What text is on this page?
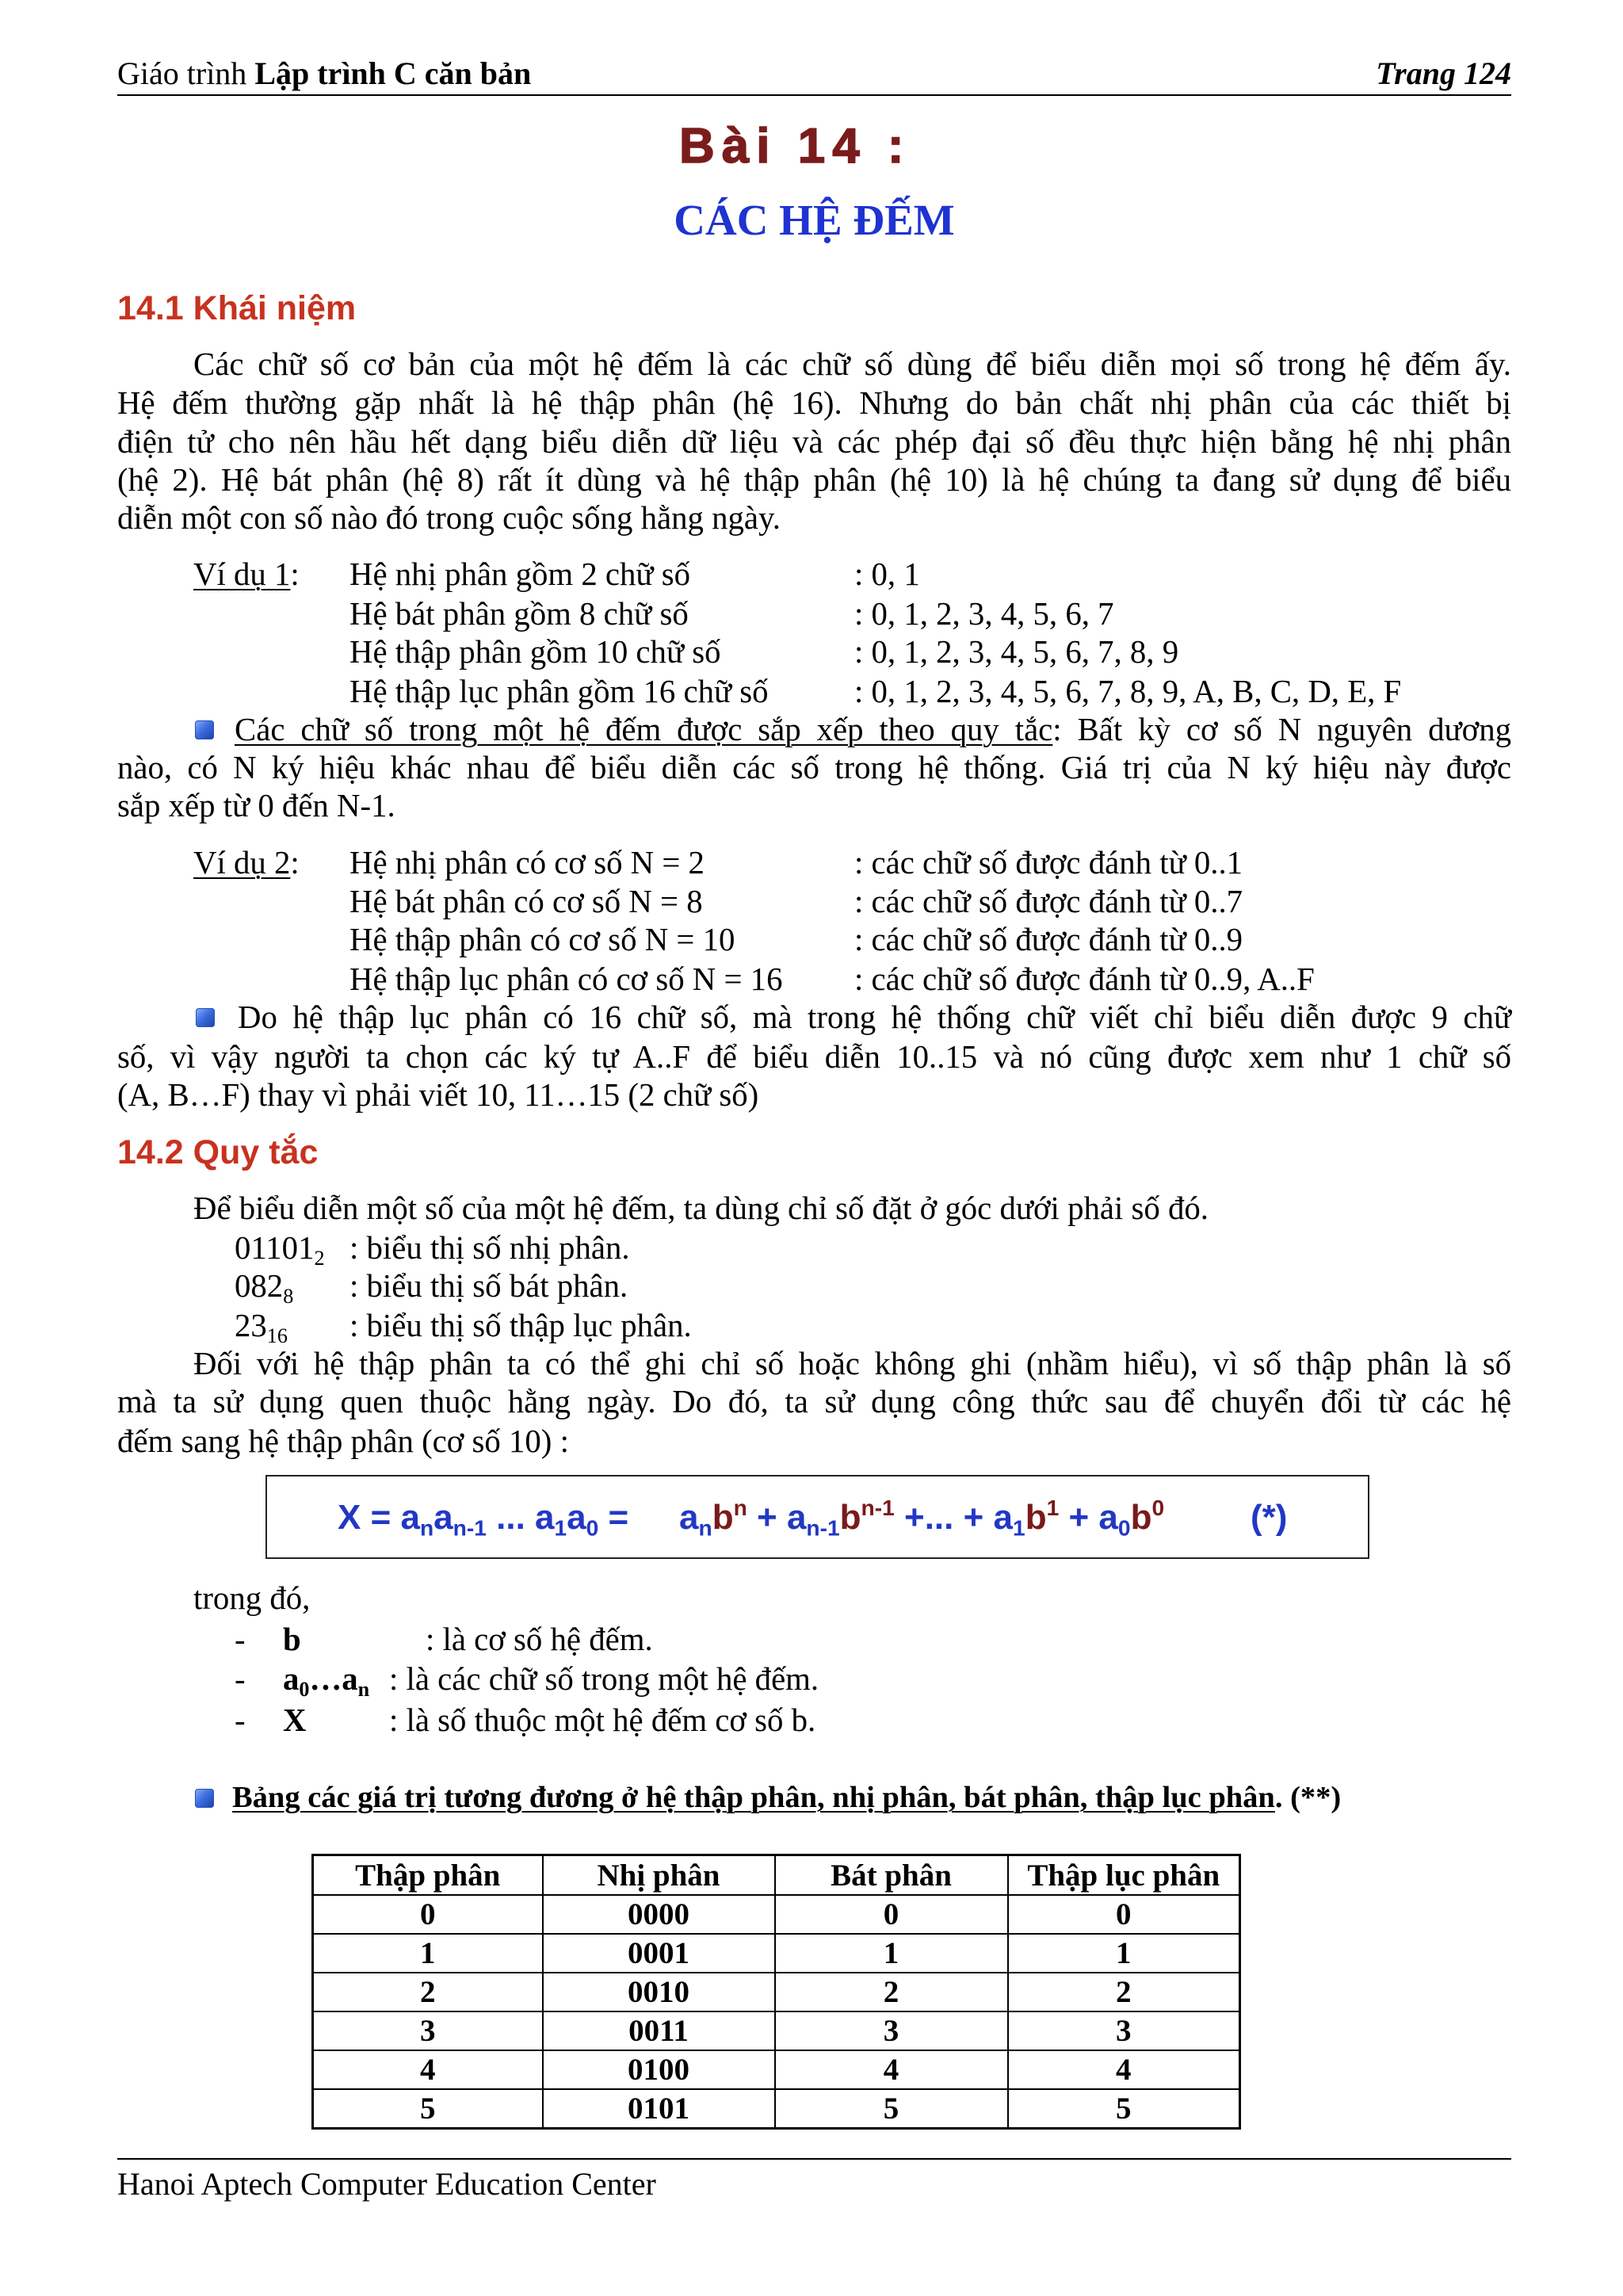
Giáo trình Lập trình C căn bản	Trang 124
Bài 14 :
CÁC HỆ ĐẾM
14.1 Khái niệm
Các chữ số cơ bản của một hệ đếm là các chữ số dùng để biểu diễn mọi số trong hệ đếm ấy.
Hệ đếm thường gặp nhất là hệ thập phân (hệ 16). Nhưng do bản chất nhị phân của các thiết bị
điện tử cho nên hầu hết dạng biểu diễn dữ liệu và các phép đại số đều thực hiện bằng hệ nhị phân
(hệ 2). Hệ bát phân (hệ 8) rất ít dùng và hệ thập phân (hệ 10) là hệ chúng ta đang sử dụng để biểu
diễn một con số nào đó trong cuộc sống hằng ngày.
Ví dụ 1: Hệ nhị phân gồm 2 chữ số	: 0, 1
Hệ bát phân gồm 8 chữ số	: 0, 1, 2, 3, 4, 5, 6, 7
Hệ thập phân gồm 10 chữ số	: 0, 1, 2, 3, 4, 5, 6, 7, 8, 9
Hệ thập lục phân gồm 16 chữ số	: 0, 1, 2, 3, 4, 5, 6, 7, 8, 9, A, B, C, D, E, F
Các chữ số trong một hệ đếm được sắp xếp theo quy tắc: Bất kỳ cơ số N nguyên dương
nào, có N ký hiệu khác nhau để biểu diễn các số trong hệ thống. Giá trị của N ký hiệu này được
sắp xếp từ 0 đến N-1.
Ví dụ 2: Hệ nhị phân có cơ số N = 2	: các chữ số được đánh từ 0..1
Hệ bát phân có cơ số N = 8	: các chữ số được đánh từ 0..7
Hệ thập phân có cơ số N = 10	: các chữ số được đánh từ 0..9
Hệ thập lục phân có cơ số N = 16 : các chữ số được đánh từ 0..9, A..F
Do hệ thập lục phân có 16 chữ số, mà trong hệ thống chữ viết chỉ biểu diễn được 9 chữ
số, vì vậy người ta chọn các ký tự A..F để biểu diễn 10..15 và nó cũng được xem như 1 chữ số
(A, B…F) thay vì phải viết 10, 11…15 (2 chữ số)
14.2 Quy tắc
Để biểu diễn một số của một hệ đếm, ta dùng chỉ số đặt ở góc dưới phải số đó.
$01101_2$ : biểu thị số nhị phân.
$082_8$ : biểu thị số bát phân.
$23_{16}$ : biểu thị số thập lục phân.
Đối với hệ thập phân ta có thể ghi chỉ số hoặc không ghi (nhầm hiểu), vì số thập phân là số
mà ta sử dụng quen thuộc hằng ngày. Do đó, ta sử dụng công thức sau để chuyển đổi từ các hệ
đếm sang hệ thập phân (cơ số 10) :
$X = a_na_{n-1}$ ... $a_1a_0 = a_nb^n + a_{n-1}b^{n-1}$ +... + $a_1b^1 + a_0b^0$ (*)
trong đó,
- b	: là cơ số hệ đếm.
- $a_0\dots a_n$ : là các chữ số trong một hệ đếm.
- X	: là số thuộc một hệ đếm cơ số b.
Bảng các giá trị tương đương ở hệ thập phân, nhị phân, bát phân, thập lục phân. (**)
Thập phân	Nhị phân	Bát phân	Thập lục phân
0	0000	0	0
1	0001	1	1
2	0010	2	2
3	0011	3	3
4	0100	4	4
5	0101	5	5
Hanoi Aptech Computer Education Center
